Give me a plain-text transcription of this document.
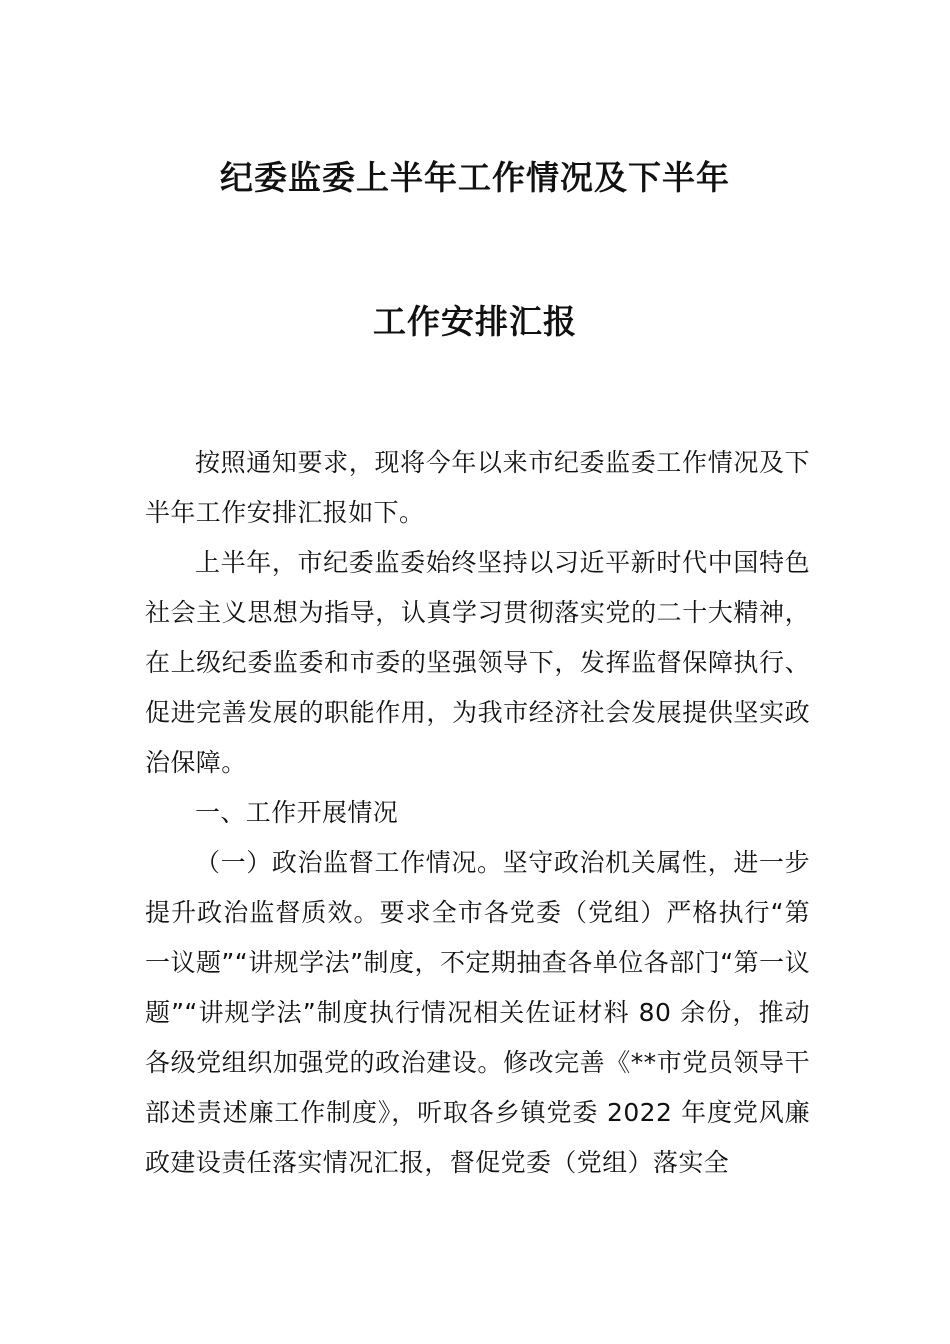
纪委监委上半年工作情况及下半年
工作安排汇报

按照通知要求，现将今年以来市纪委监委工作情况及下半年工作安排汇报如下。

上半年，市纪委监委始终坚持以习近平新时代中国特色社会主义思想为指导，认真学习贯彻落实党的二十大精神，在上级纪委监委和市委的坚强领导下，发挥监督保障执行、促进完善发展的职能作用，为我市经济社会发展提供坚实政治保障。

一、工作开展情况

（一）政治监督工作情况。坚守政治机关属性，进一步提升政治监督质效。要求全市各党委（党组）严格执行“第一议题”“讲规学法”制度，不定期抽查各单位各部门“第一议题”“讲规学法”制度执行情况相关佐证材料 80 余份，推动各级党组织加强党的政治建设。修改完善《**市党员领导干部述责述廉工作制度》，听取各乡镇党委 2022 年度党风廉政建设责任落实情况汇报，督促党委（党组）落实全
